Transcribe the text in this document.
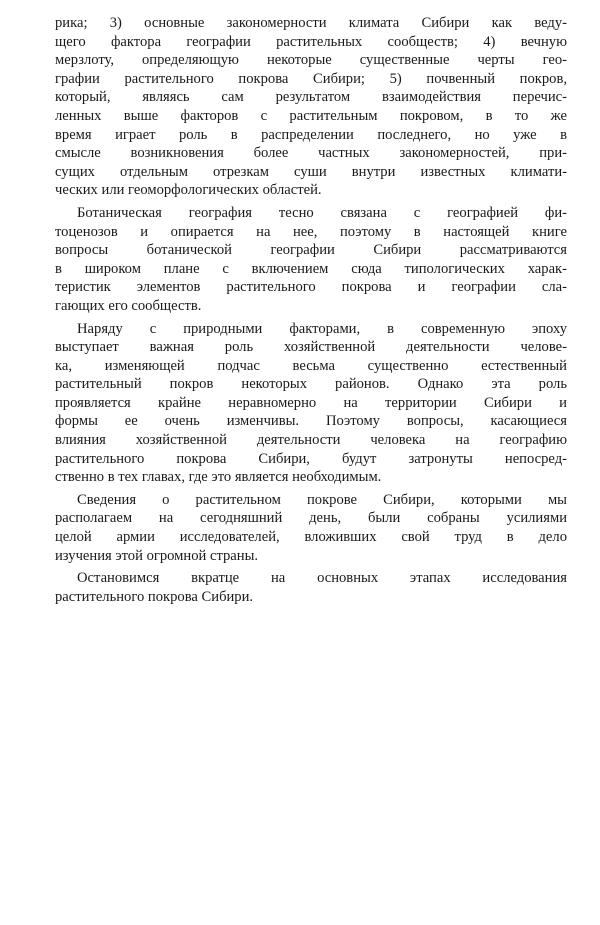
рика; 3) основные закономерности климата Сибири как веду-
щего фактора географии растительных сообществ; 4) вечную
мерзлоту, определяющую некоторые существенные черты гео-
графии растительного покрова Сибири; 5) почвенный покров,
который, являясь сам результатом взаимодействия перечис-
ленных выше факторов с растительным покровом, в то же
время играет роль в распределении последнего, но уже в
смысле возникновения более частных закономерностей, при-
сущих отдельным отрезкам суши внутри известных климати-
ческих или геоморфологических областей.
Ботаническая география тесно связана с географией фи-
тоценозов и опирается на нее, поэтому в настоящей книге
вопросы ботанической географии Сибири рассматриваются
в широком плане с включением сюда типологических харак-
теристик элементов растительного покрова и географии сла-
гающих его сообществ.
Наряду с природными факторами, в современную эпоху
выступает важная роль хозяйственной деятельности челове-
ка, изменяющей подчас весьма существенно естественный
растительный покров некоторых районов. Однако эта роль
проявляется крайне неравномерно на территории Сибири и
формы ее очень изменчивы. Поэтому вопросы, касающиеся
влияния хозяйственной деятельности человека на географию
растительного покрова Сибири, будут затронуты непосред-
ственно в тех главах, где это является необходимым.
Сведения о растительном покрове Сибири, которыми мы
располагаем на сегодняшний день, были собраны усилиями
целой армии исследователей, вложивших свой труд в дело
изучения этой огромной страны.
Остановимся вкратце на основных этапах исследования
растительного покрова Сибири.
